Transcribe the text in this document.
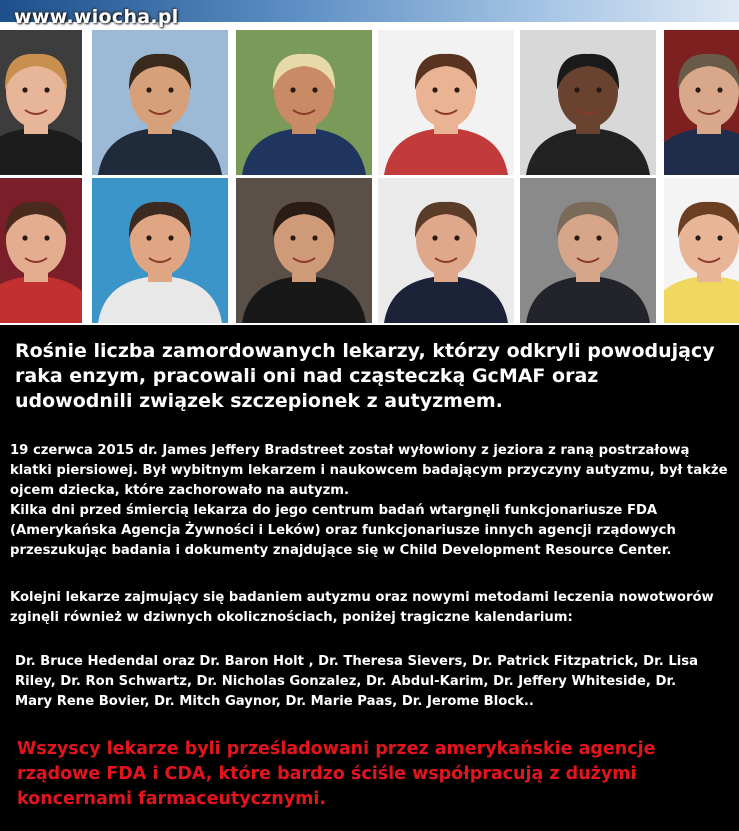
www.wiocha.pl
Rośnie liczba zamordowanych lekarzy, którzy odkryli powodujący raka enzym, pracowali oni nad cząsteczką GcMAF oraz udowodnili związek szczepionek z autyzmem.

19 czerwca 2015 dr. James Jeffery Bradstreet został wyłowiony z jeziora z raną postrzałową klatki piersiowej. Był wybitnym lekarzem i naukowcem badającym przyczyny autyzmu, był także ojcem dziecka, które zachorowało na autyzm.

Kilka dni przed śmiercią lekarza do jego centrum badań wtargnęli funkcjonariusze FDA (Amerykańska Agencja Żywności i Leków) oraz funkcjonariusze innych agencji rządowych przeszukując badania i dokumenty znajdujące się w Child Development Resource Center.

Kolejni lekarze zajmujący się badaniem autyzmu oraz nowymi metodami leczenia nowotworów zginęli również w dziwnych okolicznościach, poniżej tragiczne kalendarium:

Dr. Bruce Hedendal oraz Dr. Baron Holt , Dr. Theresa Sievers, Dr. Patrick Fitzpatrick, Dr. Lisa Riley, Dr. Ron Schwartz, Dr. Nicholas Gonzalez, Dr. Abdul-Karim, Dr. Jeffery Whiteside, Dr. Mary Rene Bovier, Dr. Mitch Gaynor, Dr. Marie Paas, Dr. Jerome Block..

Wszyscy lekarze byli prześladowani przez amerykańskie agencje rządowe FDA i CDA, które bardzo ściśle współpracują z dużymi koncernami farmaceutycznymi.
